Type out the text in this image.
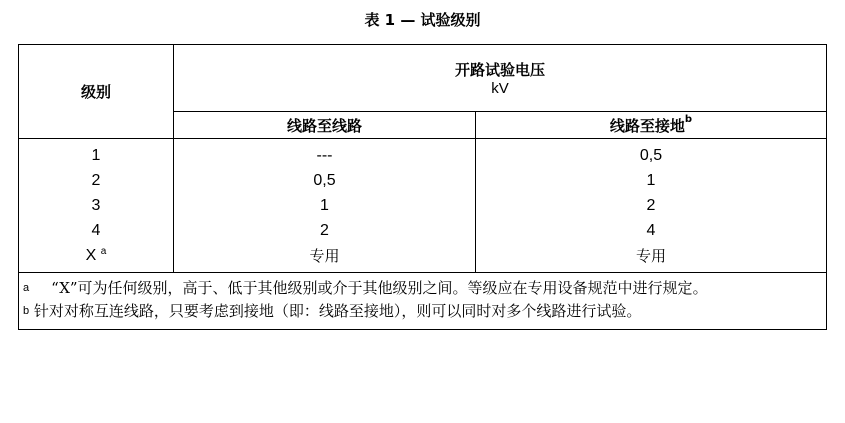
表 1 — 试验级别
级别	开路试验电压
kV	

	线路至线路	线路至接地$^b$
1	---	0,5
2	0,5	1
3	1	2
4	2	4
X $^a$	专用	专用

$^a$ “X”可为任何级别，高于、低于其他级别或介于其他级别之间。等级应在专用设备规范中进行规定。
$^b$ 针对对称互连线路，只要考虑到接地（即：线路至接地），则可以同时对多个线路进行试验。		
